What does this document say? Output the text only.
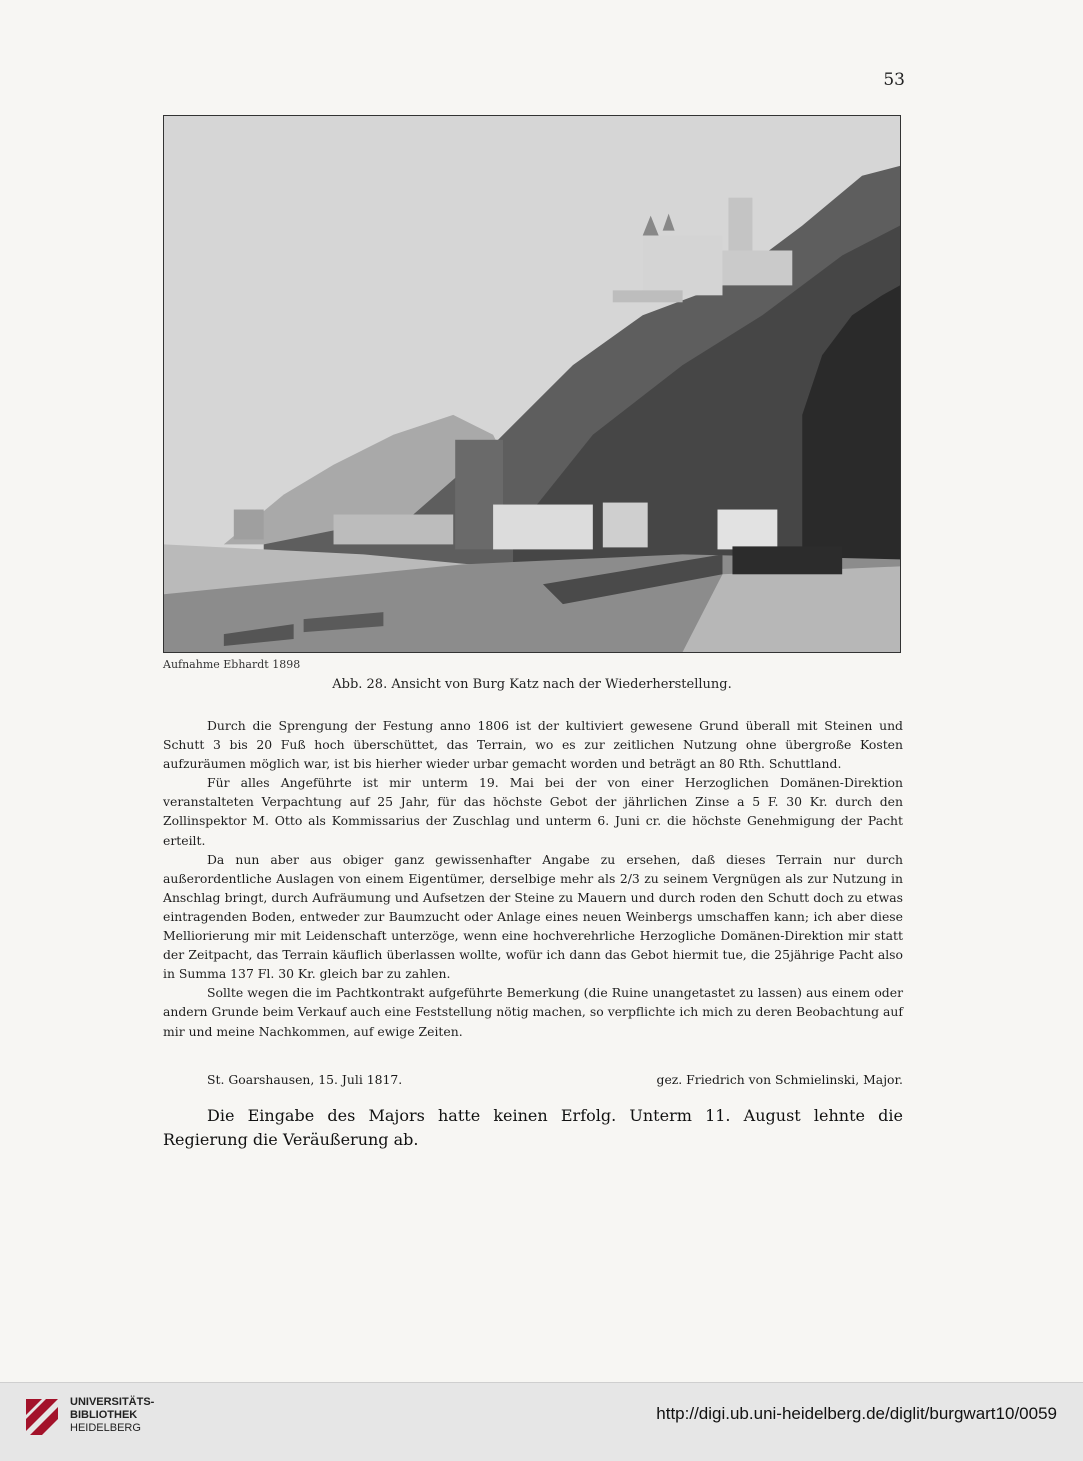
53
Aufnahme Ebhardt 1898
Abb. 28. Ansicht von Burg Katz nach der Wiederherstellung.

Durch die Sprengung der Festung anno 1806 ist der kultiviert gewesene Grund überall mit Steinen und Schutt 3 bis 20 Fuß hoch überschüttet, das Terrain, wo es zur zeitlichen Nutzung ohne übergroße Kosten aufzuräumen möglich war, ist bis hierher wieder urbar gemacht worden und beträgt an 80 Rth. Schuttland.

Für alles Angeführte ist mir unterm 19. Mai bei der von einer Herzoglichen Domänen-Direktion veranstalteten Verpachtung auf 25 Jahr, für das höchste Gebot der jährlichen Zinse a 5 F. 30 Kr. durch den Zollinspektor M. Otto als Kommissarius der Zuschlag und unterm 6. Juni cr. die höchste Genehmigung der Pacht erteilt.

Da nun aber aus obiger ganz gewissenhafter Angabe zu ersehen, daß dieses Terrain nur durch außerordentliche Auslagen von einem Eigentümer, derselbige mehr als 2/3 zu seinem Vergnügen als zur Nutzung in Anschlag bringt, durch Aufräumung und Aufsetzen der Steine zu Mauern und durch roden den Schutt doch zu etwas eintragenden Boden, entweder zur Baumzucht oder Anlage eines neuen Weinbergs umschaffen kann; ich aber diese Melliorierung mir mit Leidenschaft unterzöge, wenn eine hochverehrliche Herzogliche Domänen-Direktion mir statt der Zeitpacht, das Terrain käuflich überlassen wollte, wofür ich dann das Gebot hiermit tue, die 25jährige Pacht also in Summa 137 Fl. 30 Kr. gleich bar zu zahlen.

Sollte wegen die im Pachtkontrakt aufgeführte Bemerkung (die Ruine unangetastet zu lassen) aus einem oder andern Grunde beim Verkauf auch eine Feststellung nötig machen, so verpflichte ich mich zu deren Beobachtung auf mir und meine Nachkommen, auf ewige Zeiten.

St. Goarshausen, 15. Juli 1817.	gez. Friedrich von Schmielinski, Major.

Die Eingabe des Majors hatte keinen Erfolg. Unterm 11. August lehnte die Regierung die Veräußerung ab.

UNIVERSITÄTS-
BIBLIOTHEK
HEIDELBERG
http://digi.ub.uni-heidelberg.de/diglit/burgwart10/0059
